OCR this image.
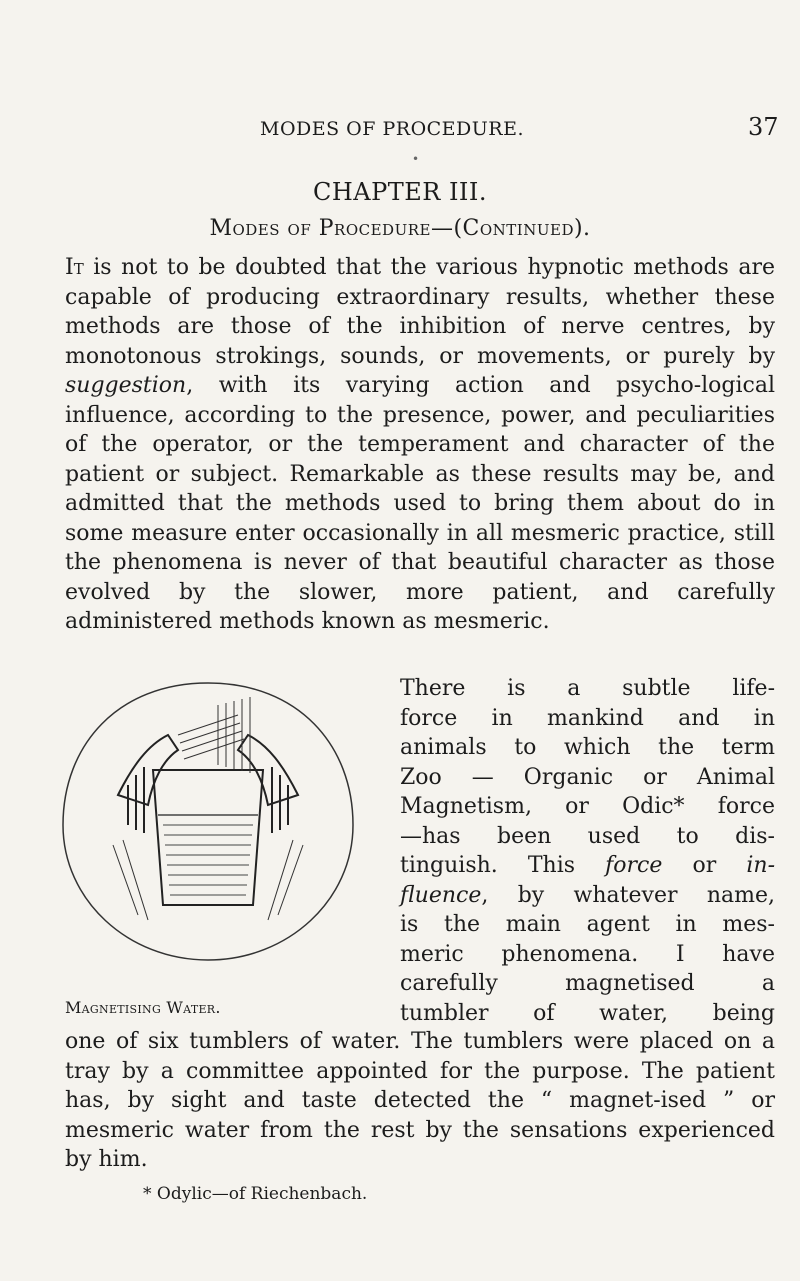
MODES OF PROCEDURE.	37
•
CHAPTER III.
Modes of Procedure—(Continued).
It is not to be doubted that the various hypnotic methods are capable of producing extraordinary results, whether these methods are those of the inhibition of nerve centres, by monotonous strokings, sounds, or movements, or purely by suggestion, with its varying action and psycho-logical influence, according to the presence, power, and peculiarities of the operator, or the temperament and character of the patient or subject. Remarkable as these results may be, and admitted that the methods used to bring them about do in some measure enter occasionally in all mesmeric practice, still the phenomena is never of that beautiful character as those evolved by the slower, more patient, and carefully administered methods known as mesmeric.
Magnetising Water.
There is a subtle life-
force in mankind and in
animals to which the term
Zoo — Organic or Animal
Magnetism, or Odic* force
—has been used to dis-
tinguish. This force or in-
fluence, by whatever name,
is the main agent in mes-
meric phenomena. I have
carefully magnetised a
tumbler of water, being
one of six tumblers of water. The tumblers were placed on a tray by a committee appointed for the purpose. The patient has, by sight and taste detected the “ magnet-ised ” or mesmeric water from the rest by the sensations experienced by him.
* Odylic—of Riechenbach.
